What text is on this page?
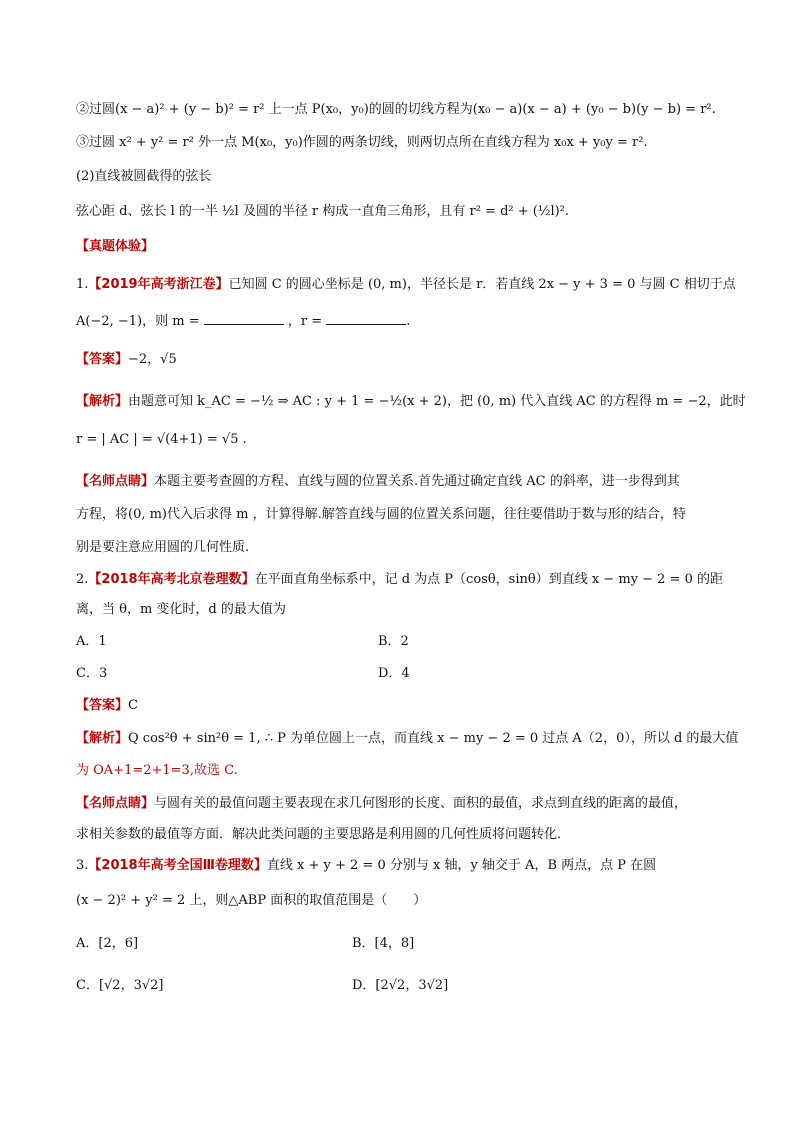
②过圆(x − a)² + (y − b)² = r² 上一点 P(x₀，y₀)的圆的切线方程为(x₀ − a)(x − a) + (y₀ − b)(y − b) = r².
③过圆 x² + y² = r² 外一点 M(x₀，y₀)作圆的两条切线，则两切点所在直线方程为 x₀x + y₀y = r².
(2)直线被圆截得的弦长
弦心距 d、弦长 l 的一半 ½l 及圆的半径 r 构成一直角三角形，且有 r² = d² + (½l)².
【真题体验】
1.【2019年高考浙江卷】已知圆 C 的圆心坐标是 (0, m)，半径长是 r．若直线 2x − y + 3 = 0 与圆 C 相切于点
A(−2, −1)，则 m =	，r =	.
【答案】−2，√5
【解析】由题意可知 k_AC = −½ ⇒ AC : y + 1 = −½(x + 2)，把 (0, m) 代入直线 AC 的方程得 m = −2，此时
r = | AC | = √(4+1) = √5 .
【名师点睛】本题主要考查圆的方程、直线与圆的位置关系.首先通过确定直线 AC 的斜率，进一步得到其
方程，将(0, m)代入后求得 m ，计算得解.解答直线与圆的位置关系问题，往往要借助于数与形的结合，特
别是要注意应用圆的几何性质.
2.【2018年高考北京卷理数】在平面直角坐标系中，记 d 为点 P（cosθ，sinθ）到直线 x − my − 2 = 0 的距
离，当 θ，m 变化时，d 的最大值为
A．1	B．2
C．3	D．4
【答案】C
【解析】Q cos²θ + sin²θ = 1, ∴ P 为单位圆上一点，而直线 x − my − 2 = 0 过点 A（2，0），所以 d 的最大值
为 OA+1=2+1=3,故选 C.
【名师点睛】与圆有关的最值问题主要表现在求几何图形的长度、面积的最值，求点到直线的距离的最值，
求相关参数的最值等方面．解决此类问题的主要思路是利用圆的几何性质将问题转化．
3.【2018年高考全国Ⅲ卷理数】直线 x + y + 2 = 0 分别与 x 轴，y 轴交于 A，B 两点，点 P 在圆
(x − 2)² + y² = 2 上，则△ABP 面积的取值范围是（　　）
A．[2，6]	B．[4，8]
C．[√2，3√2]	D．[2√2，3√2]
